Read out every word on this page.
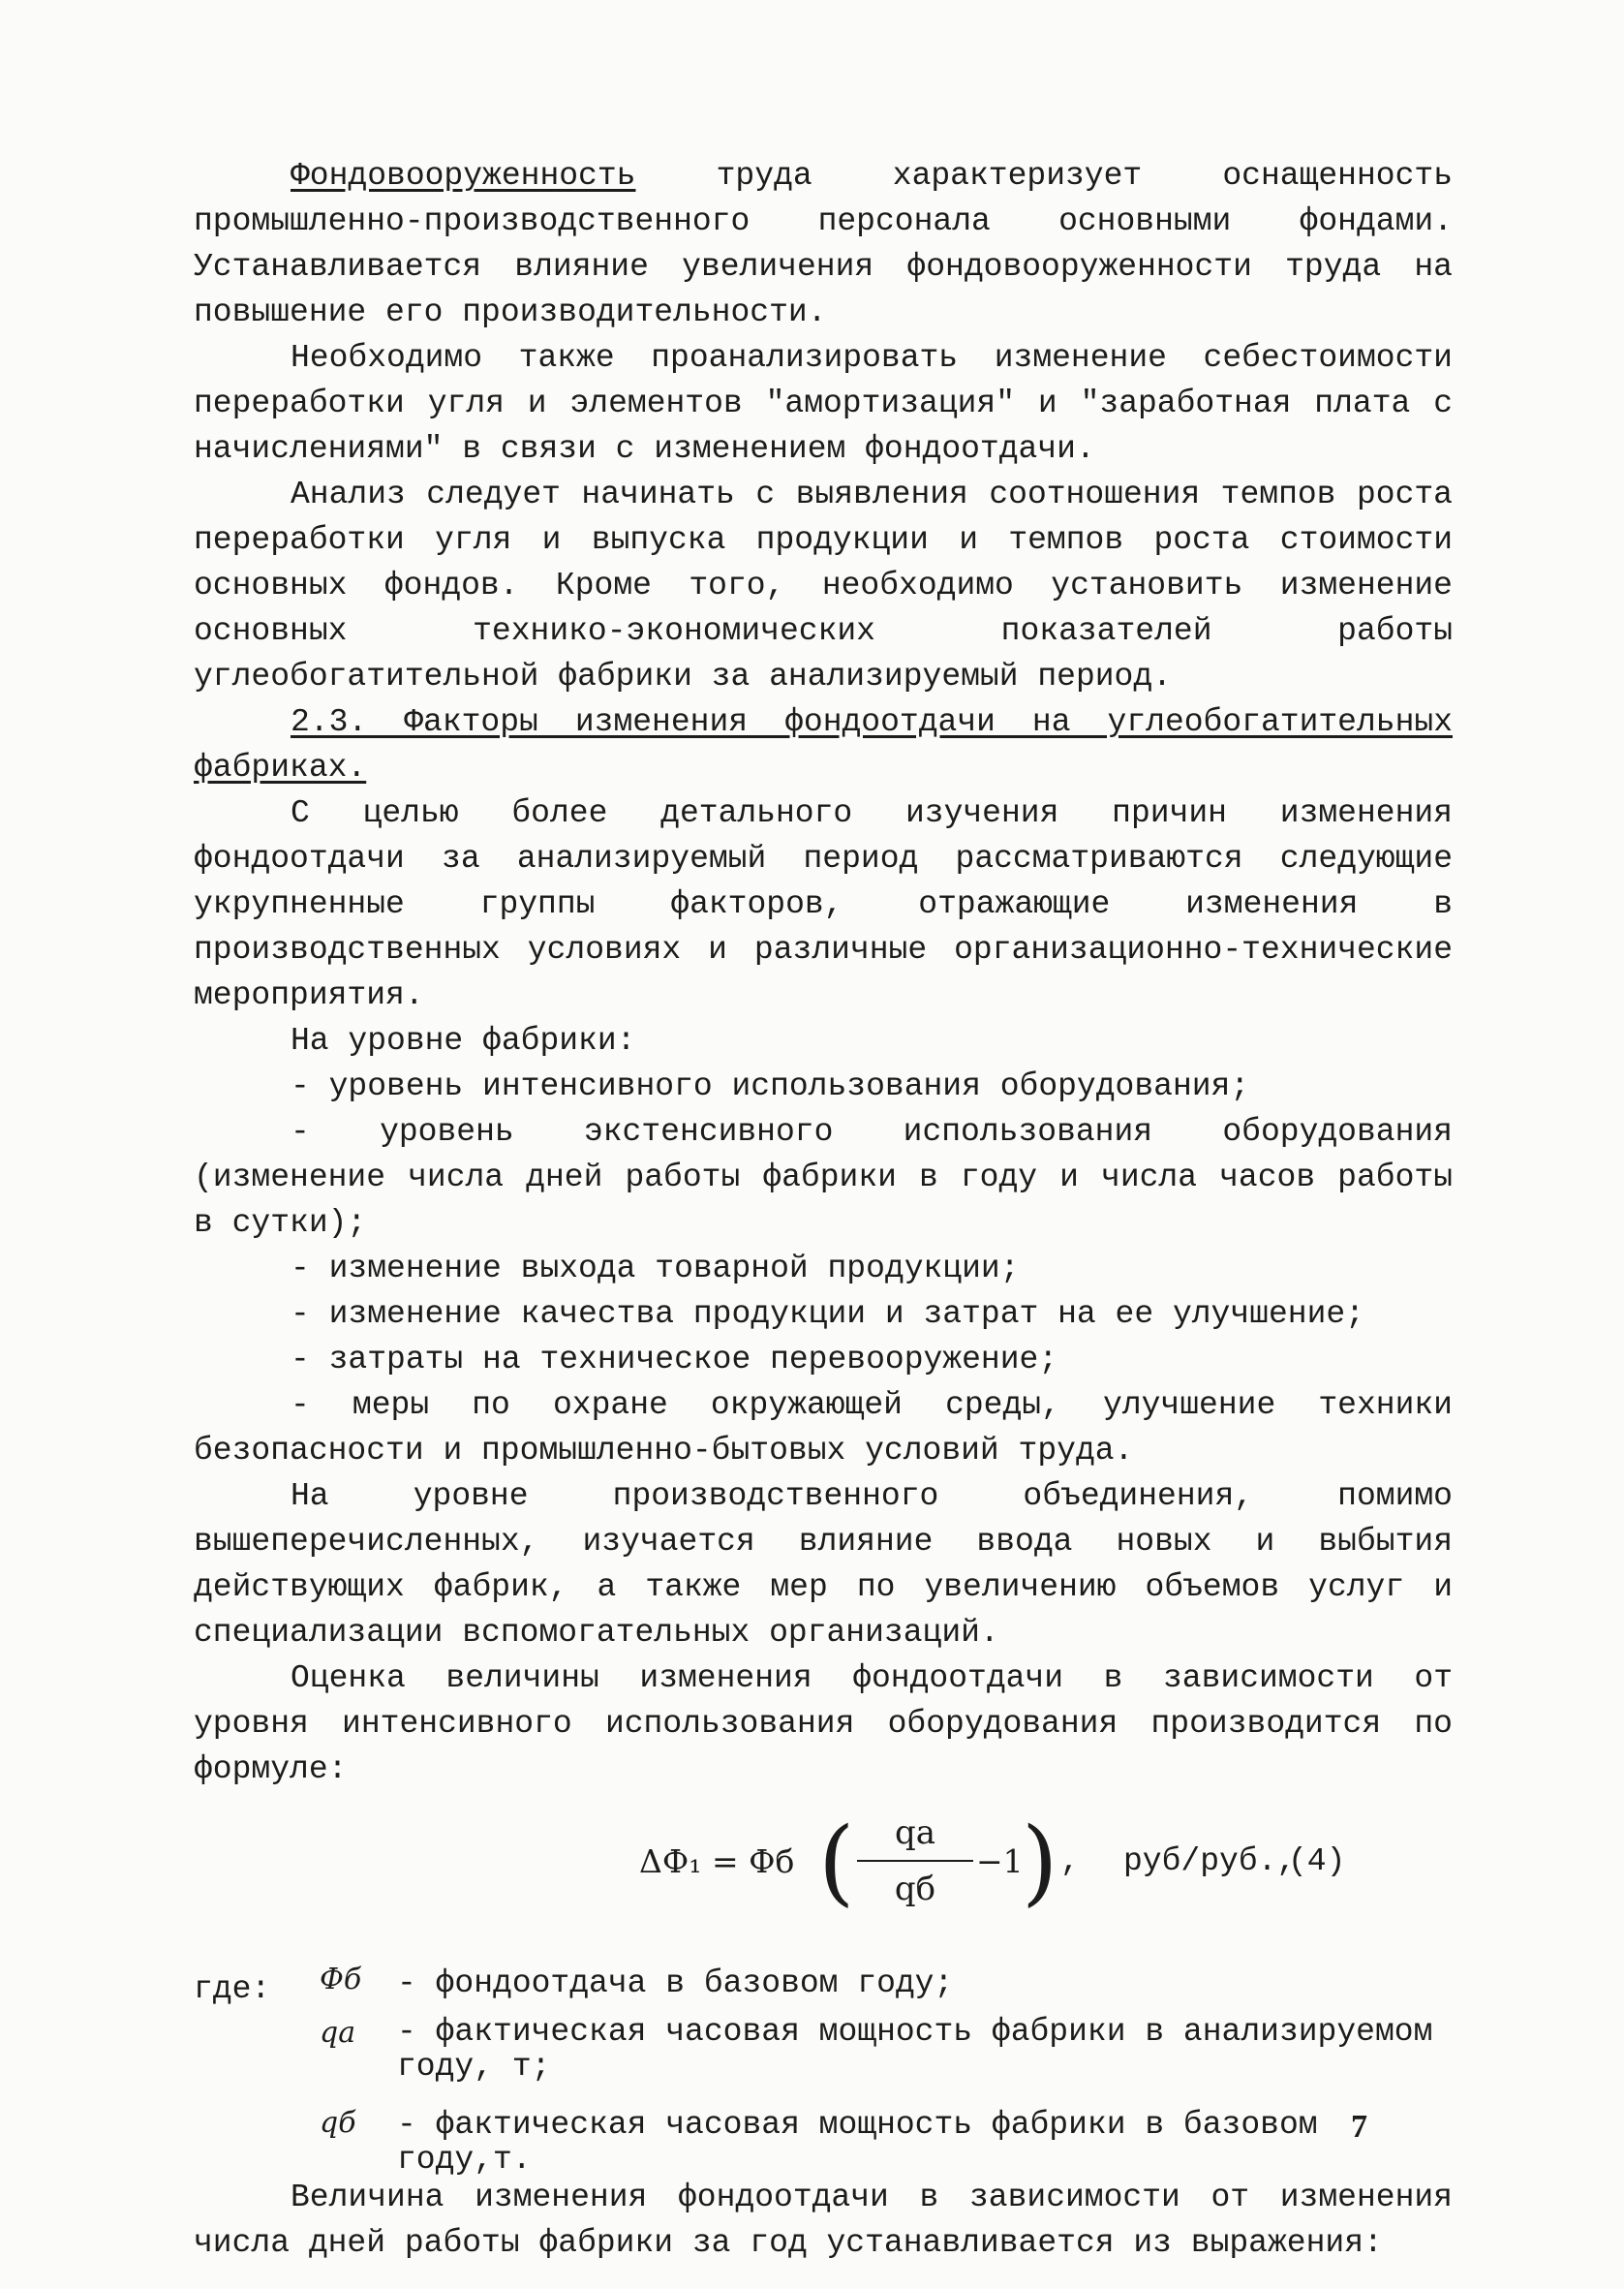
Фондовооруженность труда характеризует оснащенность промышленно-производственного персонала основными фондами. Устанавливается влияние увеличения фондовооруженности труда на повышение его производительности.

Необходимо также проанализировать изменение себестоимости переработки угля и элементов "амортизация" и "заработная плата с начислениями" в связи с изменением фондоотдачи.

Анализ следует начинать с выявления соотношения темпов роста переработки угля и выпуска продукции и темпов роста стоимости основных фондов. Кроме того, необходимо установить изменение основных технико-экономических показателей работы углеобогатительной фабрики за анализируемый период.

2.3. Факторы изменения фондоотдачи на углеобогатительных фабриках.

С целью более детального изучения причин изменения фондоотдачи за анализируемый период рассматриваются следующие укрупненные группы факторов, отражающие изменения в производственных условиях и различные организационно-технические мероприятия.

На уровне фабрики:
- уровень интенсивного использования оборудования;
- уровень экстенсивного использования оборудования (изменение числа дней работы фабрики в году и числа часов работы в сутки);
- изменение выхода товарной продукции;
- изменение качества продукции и затрат на ее улучшение;
- затраты на техническое перевооружение;
- меры по охране окружающей среды, улучшение техники безопасности и промышленно-бытовых условий труда.

На уровне производственного объединения, помимо вышеперечисленных, изучается влияние ввода новых и выбытия действующих фабрик, а также мер по увеличению объемов услуг и специализации вспомогательных организаций.

Оценка величины изменения фондоотдачи в зависимости от уровня интенсивного использования оборудования производится по формуле:

ΔФ₁ = Фб (	qа
qб
−1
) , руб/руб.,
(4)
где: Фб - фондоотдача в базовом году;
qа - фактическая часовая мощность фабрики в анализируемом году, т;
qб - фактическая часовая мощность фабрики в базовом году,т.

Величина изменения фондоотдачи в зависимости от изменения числа дней работы фабрики за год устанавливается из выражения:

7
